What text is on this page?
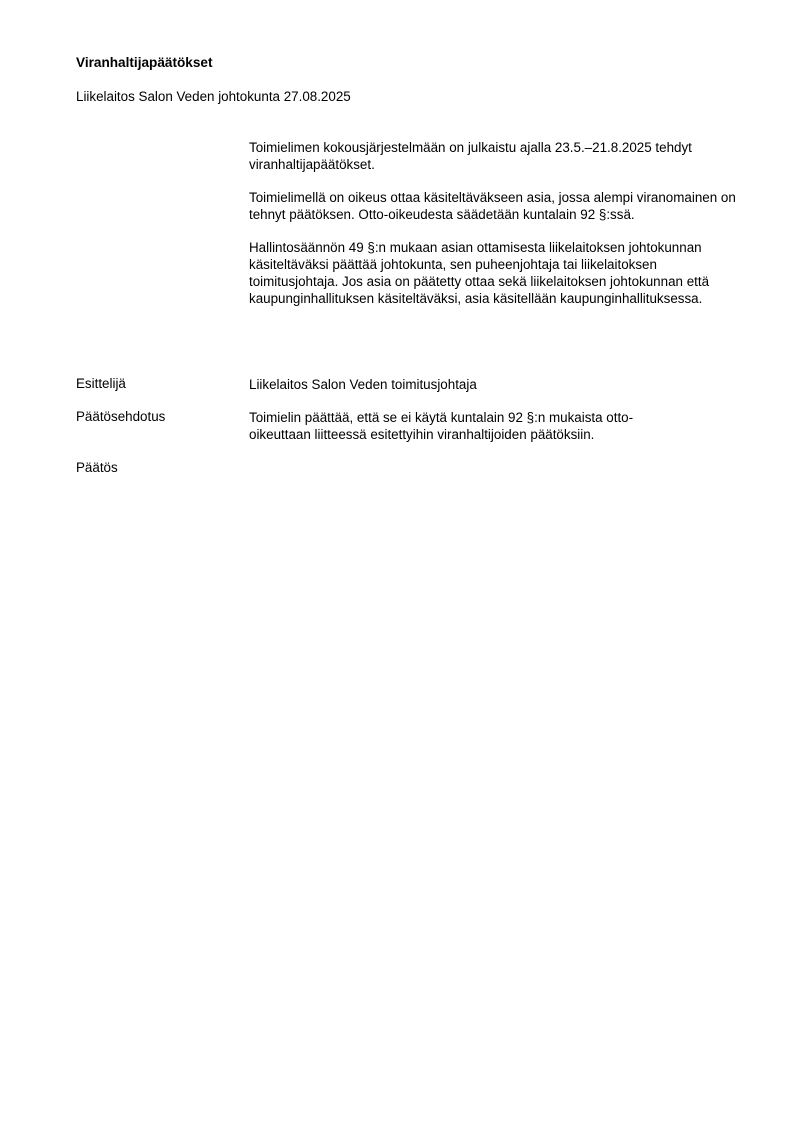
Viranhaltijapäätökset
Liikelaitos Salon Veden johtokunta 27.08.2025

Toimielimen kokousjärjestelmään on julkaistu ajalla 23.5.–21.8.2025 tehdyt viranhaltijapäätökset.

Toimielimellä on oikeus ottaa käsiteltäväkseen asia, jossa alempi viranomainen on tehnyt päätöksen. Otto-oikeudesta säädetään kuntalain 92 §:ssä.

Hallintosäännön 49 §:n mukaan asian ottamisesta liikelaitoksen johtokunnan käsiteltäväksi päättää johtokunta, sen puheenjohtaja tai liikelaitoksen toimitusjohtaja. Jos asia on päätetty ottaa sekä liikelaitoksen johtokunnan että kaupunginhallituksen käsiteltäväksi, asia käsitellään kaupunginhallituksessa.

Esittelijä	Liikelaitos Salon Veden toimitusjohtaja
Päätösehdotus	Toimielin päättää, että se ei käytä kuntalain 92 §:n mukaista otto-oikeuttaan liitteessä esitettyihin viranhaltijoiden päätöksiin.
Päätös
